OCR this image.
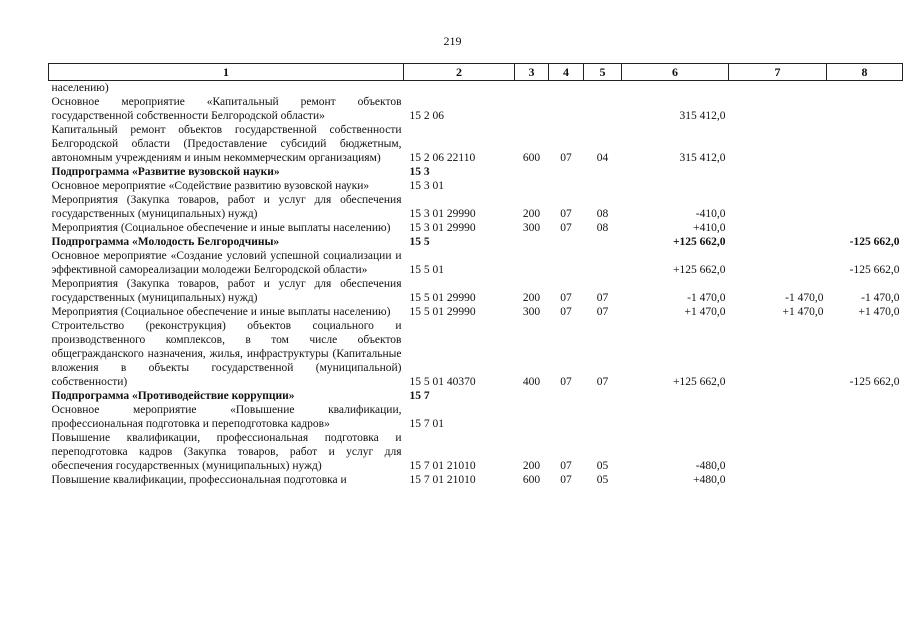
219
1	2	3	4	5	6	7	8
населению)							
Основное мероприятие «Капитальный ремонт объектов государственной собственности Белгородской области»	15 2 06				315 412,0		
Капитальный ремонт объектов государственной собственности Белгородской области (Предоставление субсидий бюджетным, автономным учреждениям и иным некоммерческим организациям)	15 2 06 22110	600	07	04	315 412,0		
Подпрограмма «Развитие вузовской науки»	15 3						
Основное мероприятие «Содействие развитию вузовской науки»	15 3 01						
Мероприятия (Закупка товаров, работ и услуг для обеспечения государственных (муниципальных) нужд)	15 3 01 29990	200	07	08	-410,0		
Мероприятия (Социальное обеспечение и иные выплаты населению)	15 3 01 29990	300	07	08	+410,0		
Подпрограмма «Молодость Белгородчины»	15 5				+125 662,0		-125 662,0
Основное мероприятие «Создание условий успешной социализации и эффективной самореализации молодежи Белгородской области»	15 5 01				+125 662,0		-125 662,0
Мероприятия (Закупка товаров, работ и услуг для обеспечения государственных (муниципальных) нужд)	15 5 01 29990	200	07	07	-1 470,0	-1 470,0	-1 470,0
Мероприятия (Социальное обеспечение и иные выплаты населению)	15 5 01 29990	300	07	07	+1 470,0	+1 470,0	+1 470,0
Строительство (реконструкция) объектов социального и производственного комплексов, в том числе объектов общегражданского назначения, жилья, инфраструктуры (Капитальные вложения в объекты государственной (муниципальной) собственности)	15 5 01 40370	400	07	07	+125 662,0		-125 662,0
Подпрограмма «Противодействие коррупции»	15 7						
Основное мероприятие «Повышение квалификации, профессиональная подготовка и переподготовка кадров»	15 7 01						
Повышение квалификации, профессиональная подготовка и переподготовка кадров (Закупка товаров, работ и услуг для обеспечения государственных (муниципальных) нужд)	15 7 01 21010	200	07	05	-480,0		
Повышение квалификации, профессиональная подготовка и	15 7 01 21010	600	07	05	+480,0		
